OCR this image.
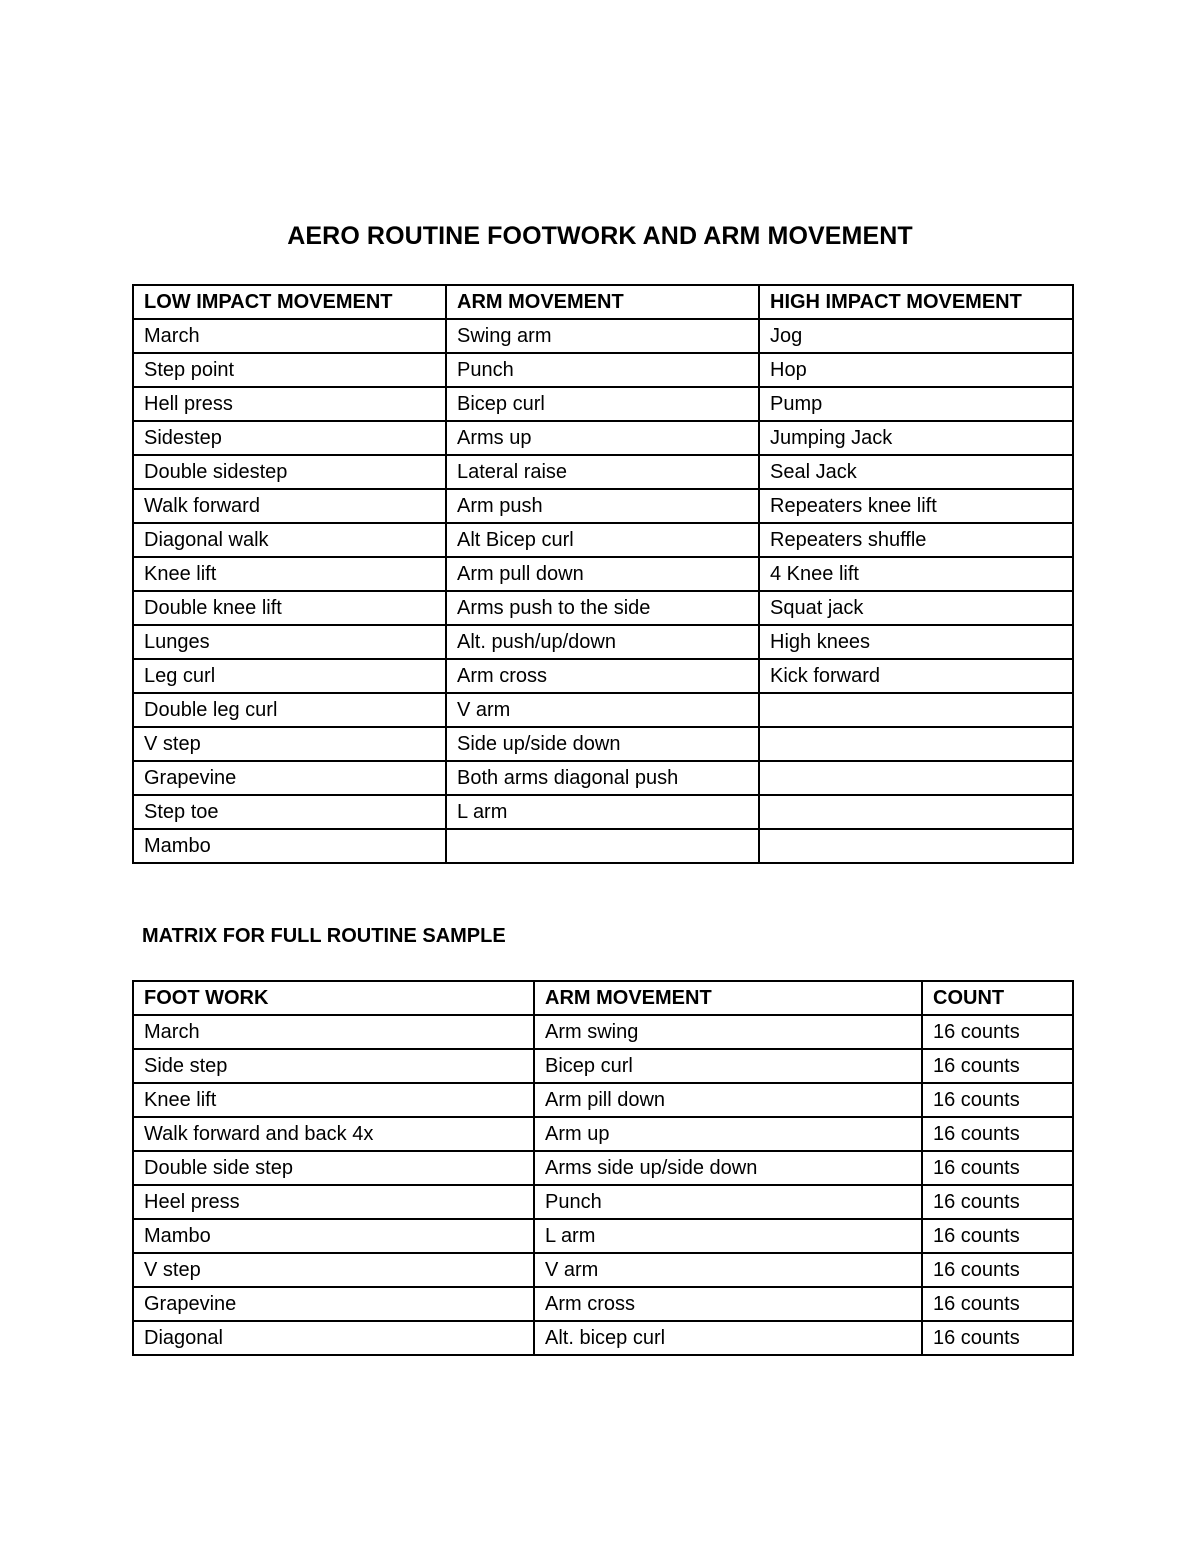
AERO ROUTINE FOOTWORK AND ARM MOVEMENT
LOW IMPACT MOVEMENT	ARM MOVEMENT	HIGH IMPACT MOVEMENT
March	Swing arm	Jog
Step point	Punch	Hop
Hell press	Bicep curl	Pump
Sidestep	Arms up	Jumping Jack
Double sidestep	Lateral raise	Seal Jack
Walk forward	Arm push	Repeaters knee lift
Diagonal walk	Alt Bicep curl	Repeaters shuffle
Knee lift	Arm pull down	4 Knee lift
Double knee lift	Arms push to the side	Squat jack
Lunges	Alt. push/up/down	High knees
Leg curl	Arm cross	Kick forward
Double leg curl	V arm	
V step	Side up/side down	
Grapevine	Both arms diagonal push	
Step toe	L arm	
Mambo		
MATRIX FOR FULL ROUTINE SAMPLE
FOOT WORK	ARM MOVEMENT	COUNT
March	Arm swing	16 counts
Side step	Bicep curl	16 counts
Knee lift	Arm pill down	16 counts
Walk forward and back 4x	Arm up	16 counts
Double side step	Arms side up/side down	16 counts
Heel press	Punch	16 counts
Mambo	L arm	16 counts
V step	V arm	16 counts
Grapevine	Arm cross	16 counts
Diagonal	Alt. bicep curl	16 counts
